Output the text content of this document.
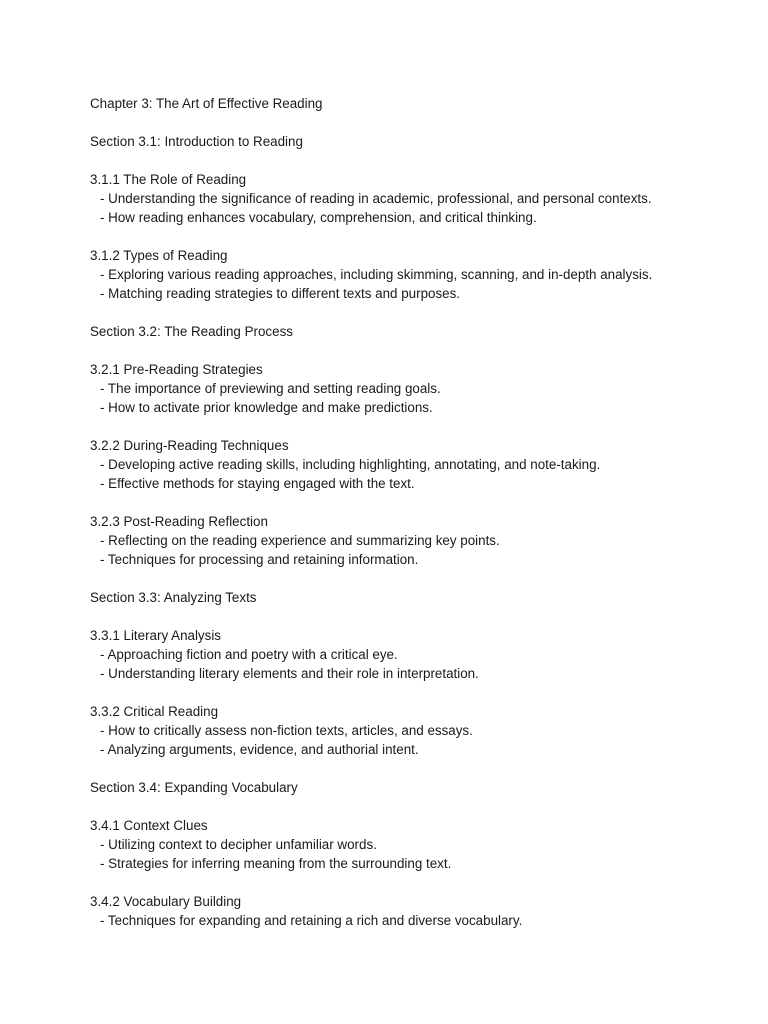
Chapter 3: The Art of Effective Reading
Section 3.1: Introduction to Reading
3.1.1 The Role of Reading
- Understanding the significance of reading in academic, professional, and personal contexts.
- How reading enhances vocabulary, comprehension, and critical thinking.
3.1.2 Types of Reading
- Exploring various reading approaches, including skimming, scanning, and in-depth analysis.
- Matching reading strategies to different texts and purposes.
Section 3.2: The Reading Process
3.2.1 Pre-Reading Strategies
- The importance of previewing and setting reading goals.
- How to activate prior knowledge and make predictions.
3.2.2 During-Reading Techniques
- Developing active reading skills, including highlighting, annotating, and note-taking.
- Effective methods for staying engaged with the text.
3.2.3 Post-Reading Reflection
- Reflecting on the reading experience and summarizing key points.
- Techniques for processing and retaining information.
Section 3.3: Analyzing Texts
3.3.1 Literary Analysis
- Approaching fiction and poetry with a critical eye.
- Understanding literary elements and their role in interpretation.
3.3.2 Critical Reading
- How to critically assess non-fiction texts, articles, and essays.
- Analyzing arguments, evidence, and authorial intent.
Section 3.4: Expanding Vocabulary
3.4.1 Context Clues
- Utilizing context to decipher unfamiliar words.
- Strategies for inferring meaning from the surrounding text.
3.4.2 Vocabulary Building
- Techniques for expanding and retaining a rich and diverse vocabulary.
